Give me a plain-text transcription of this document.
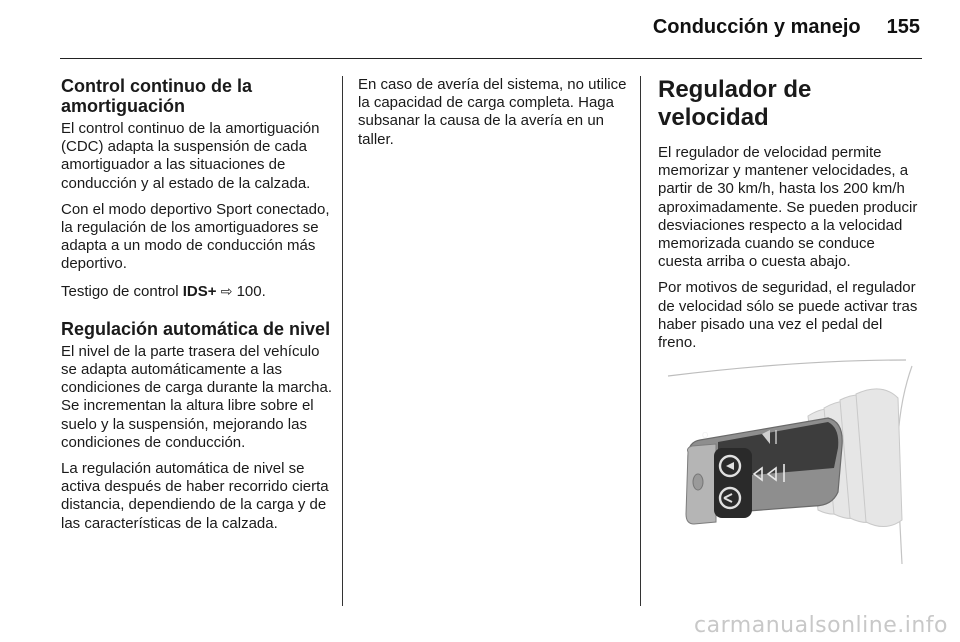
Conducción y manejo 155
Control continuo de la amortiguación

El control continuo de la amortiguación (CDC) adapta la suspensión de cada amortiguador a las situaciones de conducción y al estado de la calzada.

Con el modo deportivo Sport conectado, la regulación de los amortiguadores se adapta a un modo de conducción más deportivo.

Testigo de control IDS+ ⇨ 100.

Regulación automática de nivel

El nivel de la parte trasera del vehículo se adapta automáticamente a las condiciones de carga durante la marcha. Se incrementan la altura libre sobre el suelo y la suspensión, mejorando las condiciones de conducción.

La regulación automática de nivel se activa después de haber recorrido cierta distancia, dependiendo de la carga y de las características de la calzada.

En caso de avería del sistema, no utilice la capacidad de carga completa. Haga subsanar la causa de la avería en un taller.

Regulador de velocidad

El regulador de velocidad permite memorizar y mantener velocidades, a partir de 30 km/h, hasta los 200 km/h aproximadamente. Se pueden producir desviaciones respecto a la velocidad memorizada cuando se conduce cuesta arriba o cuesta abajo.

Por motivos de seguridad, el regulador de velocidad sólo se puede activar tras haber pisado una vez el pedal del freno.

O
carmanualsonline.info
